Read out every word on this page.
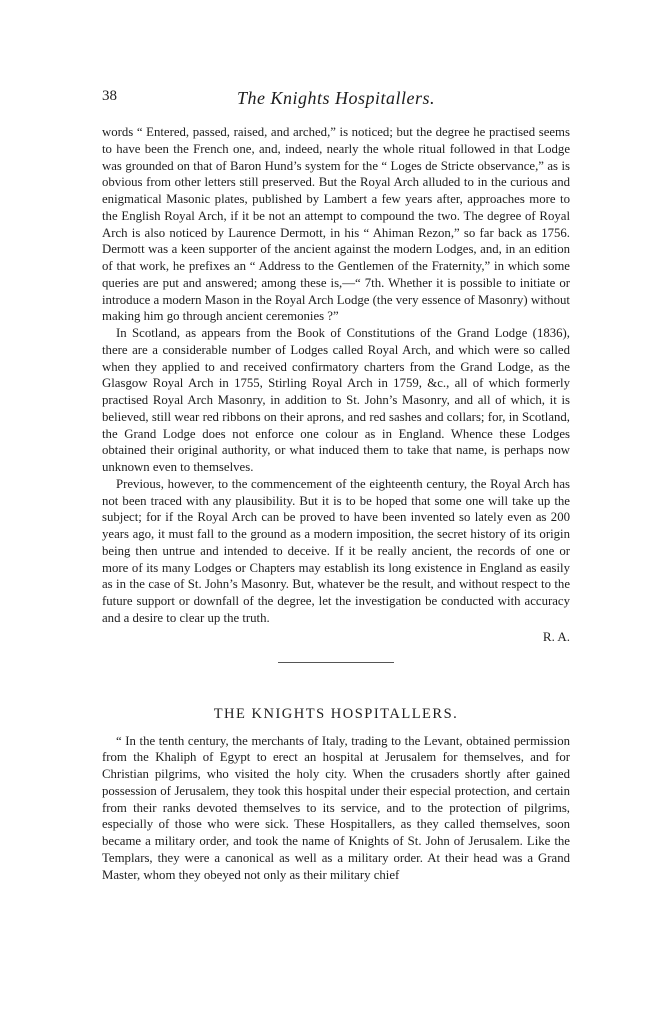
38	The Knights Hospitallers.

words “ Entered, passed, raised, and arched,” is noticed; but the degree he practised seems to have been the French one, and, indeed, nearly the whole ritual followed in that Lodge was grounded on that of Baron Hund’s system for the “ Loges de Stricte observance,” as is obvious from other letters still preserved. But the Royal Arch alluded to in the curious and enigmatical Masonic plates, published by Lambert a few years after, approaches more to the English Royal Arch, if it be not an attempt to compound the two. The degree of Royal Arch is also noticed by Laurence Dermott, in his “ Ahiman Rezon,” so far back as 1756. Dermott was a keen supporter of the ancient against the modern Lodges, and, in an edition of that work, he prefixes an “ Address to the Gentlemen of the Fraternity,” in which some queries are put and answered; among these is,—“ 7th. Whether it is possible to initiate or introduce a modern Mason in the Royal Arch Lodge (the very essence of Masonry) without making him go through ancient ceremonies ?”

In Scotland, as appears from the Book of Constitutions of the Grand Lodge (1836), there are a considerable number of Lodges called Royal Arch, and which were so called when they applied to and received confirmatory charters from the Grand Lodge, as the Glasgow Royal Arch in 1755, Stirling Royal Arch in 1759, &c., all of which formerly practised Royal Arch Masonry, in addition to St. John’s Masonry, and all of which, it is believed, still wear red ribbons on their aprons, and red sashes and collars; for, in Scotland, the Grand Lodge does not enforce one colour as in England. Whence these Lodges obtained their original authority, or what induced them to take that name, is perhaps now unknown even to themselves.

Previous, however, to the commencement of the eighteenth century, the Royal Arch has not been traced with any plausibility. But it is to be hoped that some one will take up the subject; for if the Royal Arch can be proved to have been invented so lately even as 200 years ago, it must fall to the ground as a modern imposition, the secret history of its origin being then untrue and intended to deceive. If it be really ancient, the records of one or more of its many Lodges or Chapters may establish its long existence in England as easily as in the case of St. John’s Masonry. But, whatever be the result, and without respect to the future support or downfall of the degree, let the investigation be conducted with accuracy and a desire to clear up the truth.

R. A.

THE KNIGHTS HOSPITALLERS.

“ In the tenth century, the merchants of Italy, trading to the Levant, obtained permission from the Khaliph of Egypt to erect an hospital at Jerusalem for themselves, and for Christian pilgrims, who visited the holy city. When the crusaders shortly after gained possession of Jerusalem, they took this hospital under their especial protection, and certain from their ranks devoted themselves to its service, and to the protection of pilgrims, especially of those who were sick. These Hospitallers, as they called themselves, soon became a military order, and took the name of Knights of St. John of Jerusalem. Like the Templars, they were a canonical as well as a military order. At their head was a Grand Master, whom they obeyed not only as their military chief
